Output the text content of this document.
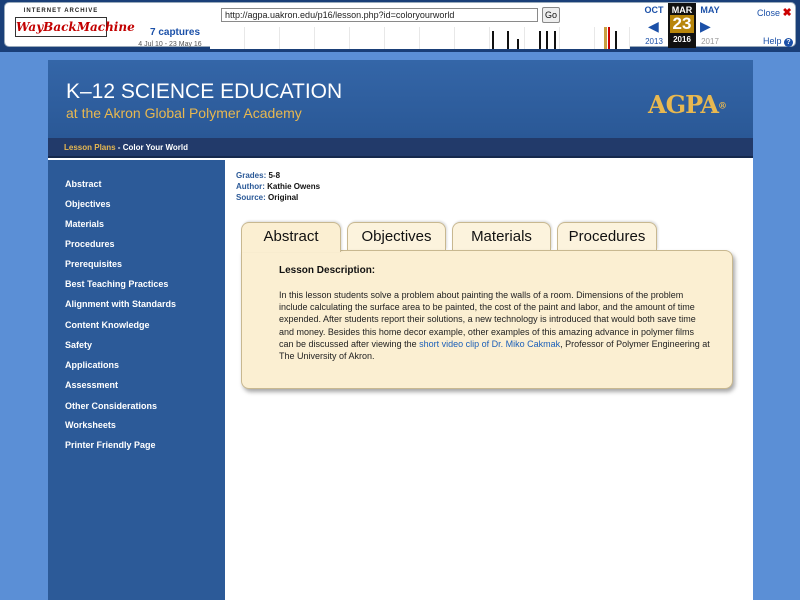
INTERNET ARCHIVE
WayBackMachine
http://agpa.uakron.edu/p16/lesson.php?id=coloryourworld	Go
7 captures
4 Jul 10 - 23 May 16
◀
OCT
2013
MAR
23
2016
MAY
2017
▶
Close ✖
Help ?
K–12 SCIENCE EDUCATION
at the Akron Global Polymer Academy	AGPA®
Lesson Plans - Color Your World
Abstract
Objectives
Materials
Procedures
Prerequisites
Best Teaching Practices
Alignment with Standards
Content Knowledge
Safety
Applications
Assessment
Other Considerations
Worksheets
Printer Friendly Page
Grades: 5-8
Author: Kathie Owens
Source: Original
Abstract	Objectives	Materials	Procedures
Lesson Description:
In this lesson students solve a problem about painting the walls of a room. Dimensions of the problem include calculating the surface area to be painted, the cost of the paint and labor, and the amount of time expended. After students report their solutions, a new technology is introduced that would both save time and money. Besides this home decor example, other examples of this amazing advance in polymer films can be discussed after viewing the short video clip of Dr. Miko Cakmak, Professor of Polymer Engineering at The University of Akron.
